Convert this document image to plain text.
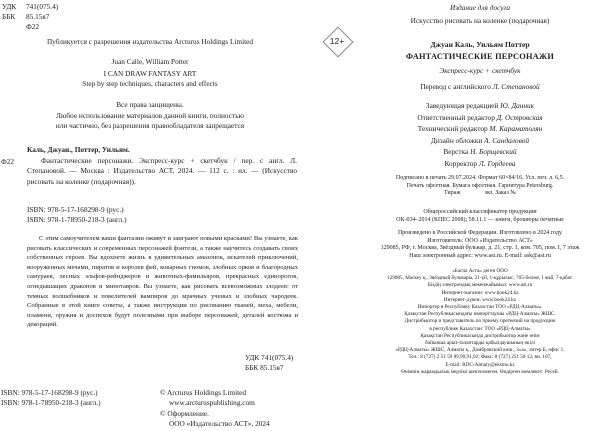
УДК 741(075.4)
ББК 85.15я7
Ф22
Публикуется с разрешения издательства Arcturus Holdings Limited
Juan Calle, William Potter
I CAN DRAW FANTASY ART
Step by step techniques, characters and effects
Все права защищены.
Любое использование материалов данной книги, полностью
или частично, без разрешения правообладателя запрещается
Ф22

Каль, Джуан., Поттер, Уильям.

Фантастические персонажи. Экспресс-курс + скетчбук / пер. с англ. Л. Степановой. — Москва : Издательство АСТ, 2024. — 112 с. : ил. — (Искусство рисовать на коленке (подарочная)).

ISBN: 978-5-17-168298-9 (рус.)
ISBN: 978-1-78950-218-3 (англ.)

С этим самоучителем ваши фантазии оживут и заиграют новыми красками! Вы узнаете, как рисовать классических и современных персонажей фэнтези, а также научитесь создавать своих собственных героев. Вы вдохнете жизнь в удивительных амазонок, искателей приключений, вооруженных мечами, пиратов и королев фей, коварных гномов, злобных орков и благородных самураев, лесных эльфов-рейнджеров и животных-фамильяров, прекрасных единорогов, огнедышащих драконов и минотавров. Вы узнаете, как рисовать всевозможных злодеев: от темных волшебников и повелителей вампиров до мрачных ученых и злобных чародеек. Собранные в этой книге советы, а также инструкции по рисованию тканей, меха, мебели, пламени, оружия и доспехов будут полезными при выборе персонажей, деталей костюма и декораций.

УДК 741(075.4)
ББК 85.15я7
ISBN: 978-5-17-168298-9 (рус.)
ISBN: 978-1-78950-218-3 (англ.)
© Arcturus Holdings Limited
www.arcturuspublishing.com
© Оформление.
ООО «Издательство АСТ», 2024
12+
Издание для досуга
Искусство рисовать на коленке (подарочная)
Джуан Каль, Уильям Поттер
ФАНТАСТИЧЕСКИЕ ПЕРСОНАЖИ
Экспресс-курс + скетчбук
Перевод с английского Л. Степановой
Заведующая редакцией Ю. Данник
Ответственный редактор Д. Островская
Технический редактор М. Караматолян
Дизайн обложки А. Сандаловой
Верстка Н. Борщевский
Корректор Л. Гордеева
Подписано в печать 29.07.2024. Формат 60×84/16. Усл. печ. л. 6,5.
Печать офсетная. Бумага офсетная. Гарнитура Petersburg.
Тираж	экз. Заказ №
Общероссийский классификатор продукции
ОК-034–2014 (КПЕС 2008); 58.11.1 — книги, брошюры печатные
Произведено в Российской Федерации. Изготовлено в 2024 году
Изготовитель: ООО «Издательство АСТ»
129085, РФ, г. Москва, Звёздный бульвар, д. 21, стр. 1, ком. 705, пом. I, 7 этаж
Наш электронный адрес: www.ast.ru. E-mail: ask@ast.ru
«Баспа Аста» деген ООО
129085, Мәскеу қ., Звёздный бульвары, 21-үй, 1-құрылыс, 705-бөлме, I жай, 7-қабат.
Біздің электрондық мекенжайымыз: www.ast.ru
Интернет-магазин: www.book24.kz
Интернет-дүкен: www.book24.kz
Импортер в Республику Казахстан ТОО «РДЦ-Алматы».
Қазақстан Республикасындағы импорттаушы «РДЦ-Алматы» ЖШС.
Дистрибьютор и представитель по приему претензий на продукцию
в республике Казахстан: ТОО «РДЦ-Алматы»
Қазақстан Республикасында дистрибьютор және өнім
бойынша арыз-талаптарды қабылдаушының өкілі
«РДЦ-Алматы» ЖШС, Алматы қ., Домбровский көш., 3«а», литер Б, офис 1.
Тел.: 8 (727) 2 51 59 89,90,91,92; Факс: 8 (727) 251 58 12, вн. 107;
E-mail: RDC-Almaty@eksmo.kz
Өнімнің жарамдылық мерзімі шектелмеген. Өндірген мемлекет: Ресей.
